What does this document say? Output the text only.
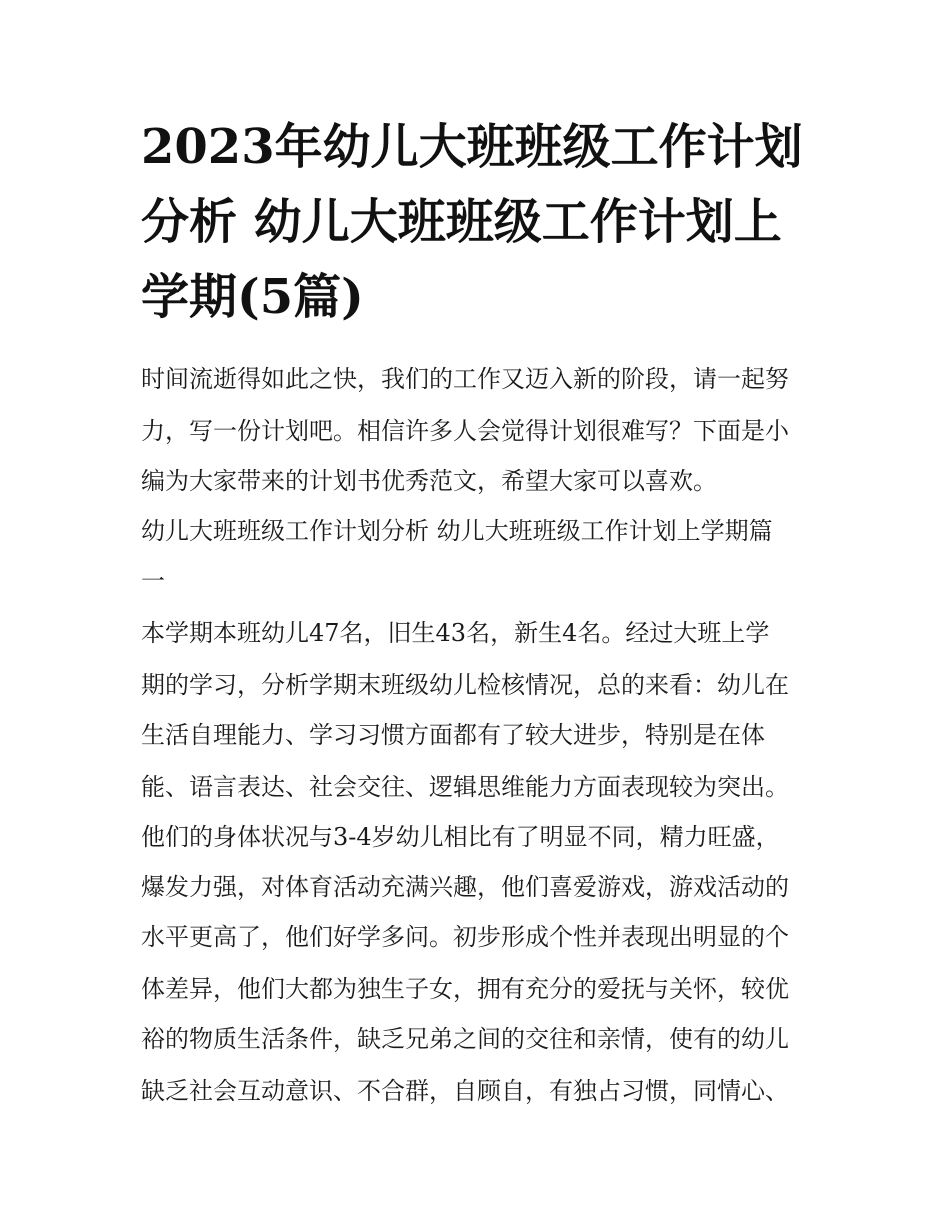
2023年幼儿大班班级工作计划分析 幼儿大班班级工作计划上学期(5篇)

时间流逝得如此之快，我们的工作又迈入新的阶段，请一起努

力，写一份计划吧。相信许多人会觉得计划很难写？下面是小

编为大家带来的计划书优秀范文，希望大家可以喜欢。

幼儿大班班级工作计划分析 幼儿大班班级工作计划上学期篇

一

本学期本班幼儿47名，旧生43名，新生4名。经过大班上学

期的学习，分析学期末班级幼儿检核情况，总的来看：幼儿在

生活自理能力、学习习惯方面都有了较大进步，特别是在体

能、语言表达、社会交往、逻辑思维能力方面表现较为突出。

他们的身体状况与3-4岁幼儿相比有了明显不同，精力旺盛，

爆发力强，对体育活动充满兴趣，他们喜爱游戏，游戏活动的

水平更高了，他们好学多问。初步形成个性并表现出明显的个

体差异，他们大都为独生子女，拥有充分的爱抚与关怀，较优

裕的物质生活条件，缺乏兄弟之间的交往和亲情，使有的幼儿

缺乏社会互动意识、不合群，自顾自，有独占习惯，同情心、
